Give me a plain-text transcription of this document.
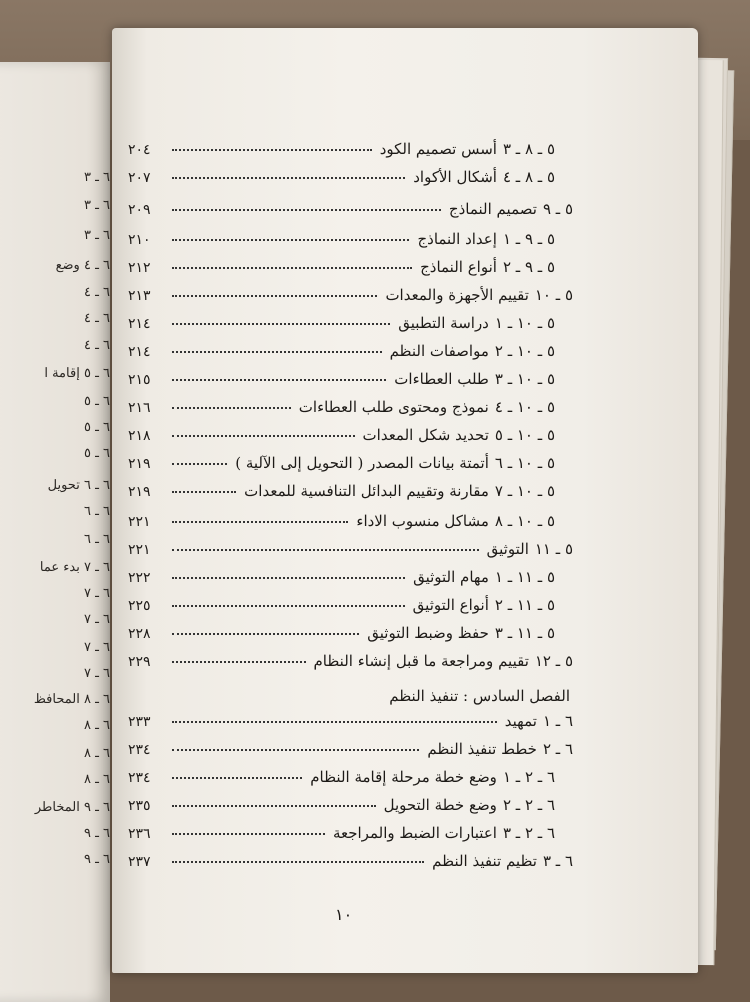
٦ ـ ٣
٦ ـ ٣
٦ ـ ٣
٦ ـ ٤ وضع
٦ ـ ٤
٦ ـ ٤
٦ ـ ٤
٦ ـ ٥ إقامة ا
٦ ـ ٥
٦ ـ ٥
٦ ـ ٥
٦ ـ ٦ تحويل
٦ ـ ٦
٦ ـ ٦
٦ ـ ٧ بدء عما
٦ ـ ٧
٦ ـ ٧
٦ ـ ٧
٦ ـ ٧
٦ ـ ٨ المحافظ
٦ ـ ٨
٦ ـ ٨
٦ ـ ٨
٦ ـ ٩ المخاطر
٦ ـ ٩
٦ ـ ٩
٥ ـ ٨ ـ ٣
أسس تصميم الكود
٢٠٤
٥ ـ ٨ ـ ٤
أشكال الأكواد
٢٠٧
٥ ـ ٩
تصميم النماذج
٢٠٩
٥ ـ ٩ ـ ١
إعداد النماذج
٢١٠
٥ ـ ٩ ـ ٢
أنواع النماذج
٢١٢
٥ ـ ١٠
تقييم الأجهزة والمعدات
٢١٣
٥ ـ ١٠ ـ ١
دراسة التطبيق
٢١٤
٥ ـ ١٠ ـ ٢
مواصفات النظم
٢١٤
٥ ـ ١٠ ـ ٣
طلب العطاءات
٢١٥
٥ ـ ١٠ ـ ٤
نموذج ومحتوى طلب العطاءات
٢١٦
٥ ـ ١٠ ـ ٥
تحديد شكل المعدات
٢١٨
٥ ـ ١٠ ـ ٦
أتمتة بيانات المصدر ( التحويل إلى الآلية )
٢١٩
٥ ـ ١٠ ـ ٧
مقارنة وتقييم البدائل التنافسية للمعدات
٢١٩
٥ ـ ١٠ ـ ٨
مشاكل منسوب الاداء
٢٢١
٥ ـ ١١
التوثيق
٢٢١
٥ ـ ١١ ـ ١
مهام التوثيق
٢٢٢
٥ ـ ١١ ـ ٢
أنواع التوثيق
٢٢٥
٥ ـ ١١ ـ ٣
حفظ وضبط التوثيق
٢٢٨
٥ ـ ١٢
تقييم ومراجعة ما قبل إنشاء النظام
٢٢٩
٦ ـ ١
تمهيد
٢٣٣
٦ ـ ٢
خطط تنفيذ النظم
٢٣٤
٦ ـ ٢ ـ ١
وضع خطة مرحلة إقامة النظام
٢٣٤
٦ ـ ٢ ـ ٢
وضع خطة التحويل
٢٣٥
٦ ـ ٢ ـ ٣
اعتبارات الضبط والمراجعة
٢٣٦
٦ ـ ٣
تظيم تنفيذ النظم
٢٣٧
الفصل السادس : تنفيذ النظم
١٠
